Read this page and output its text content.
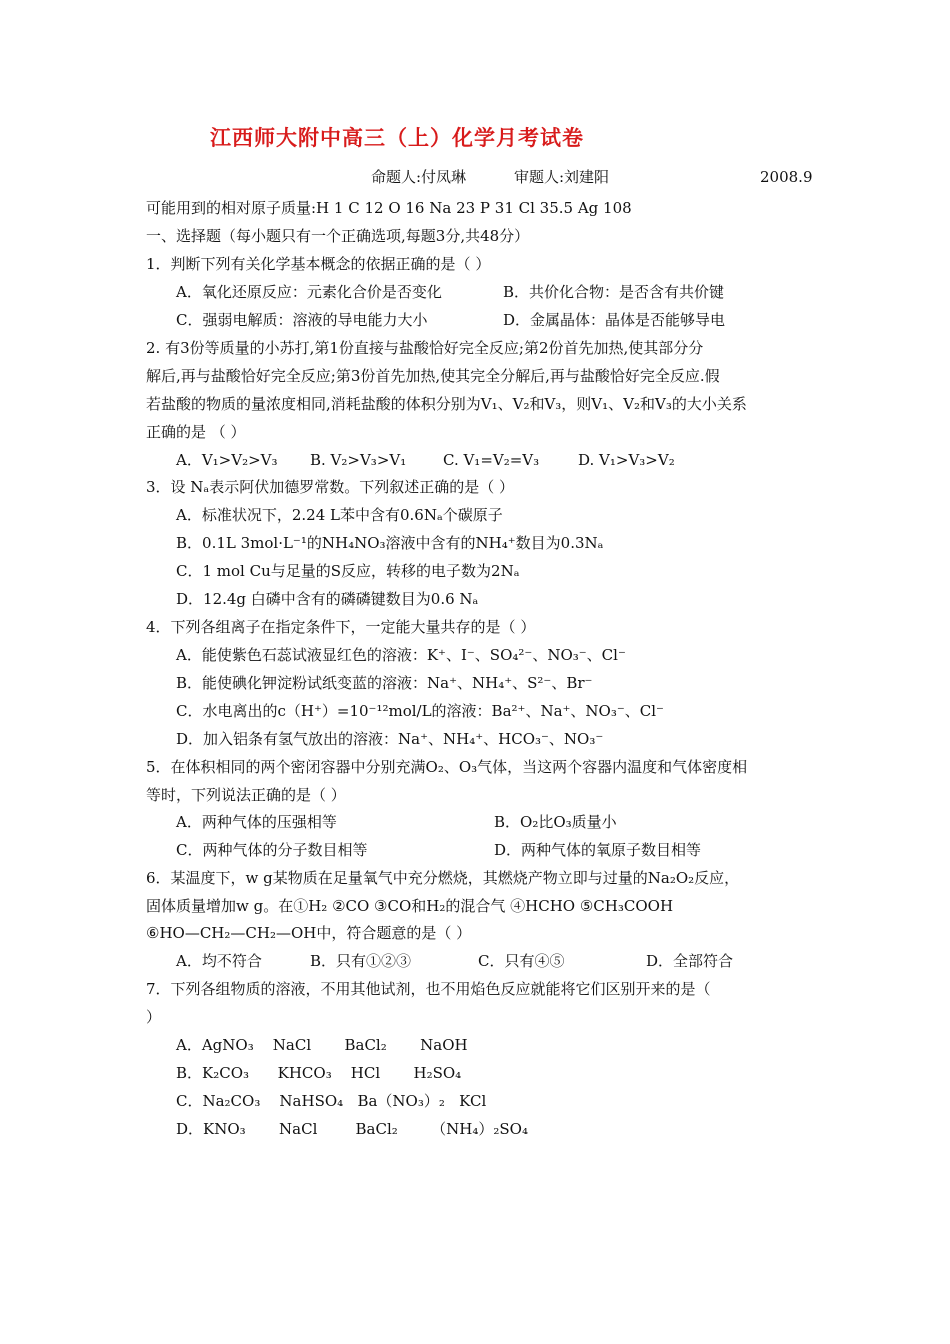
江西师大附中高三（上）化学月考试卷
命题人:付凤琳	审题人:刘建阳	2008.9
可能用到的相对原子质量:H 1 C 12 O 16 Na 23 P 31 Cl 35.5 Ag 108
一、选择题（每小题只有一个正确选项,每题3分,共48分）
1．判断下列有关化学基本概念的依据正确的是（ ）
A．氧化还原反应：元素化合价是否变化	B．共价化合物：是否含有共价键
C．强弱电解质：溶液的导电能力大小	D．金属晶体：晶体是否能够导电
2. 有3份等质量的小苏打,第1份直接与盐酸恰好完全反应;第2份首先加热,使其部分分
解后,再与盐酸恰好完全反应;第3份首先加热,使其完全分解后,再与盐酸恰好完全反应.假
若盐酸的物质的量浓度相同,消耗盐酸的体积分别为V₁、V₂和V₃，则V₁、V₂和V₃的大小关系
正确的是 （ ）
A．V₁>V₂>V₃ B. V₂>V₃>V₁ C. V₁=V₂=V₃	D. V₁>V₃>V₂
3．设 Nₐ表示阿伏加德罗常数。下列叙述正确的是（ ）
A．标准状况下，2.24 L苯中含有0.6Nₐ个碳原子
B．0.1L 3mol·L⁻¹的NH₄NO₃溶液中含有的NH₄⁺数目为0.3Nₐ
C．1 mol Cu与足量的S反应，转移的电子数为2Nₐ
D．12.4g 白磷中含有的磷磷键数目为0.6 Nₐ
4．下列各组离子在指定条件下，一定能大量共存的是（ ）
A．能使紫色石蕊试液显红色的溶液：K⁺、I⁻、SO₄²⁻、NO₃⁻、Cl⁻
B．能使碘化钾淀粉试纸变蓝的溶液：Na⁺、NH₄⁺、S²⁻、Br⁻
C．水电离出的c（H⁺）=10⁻¹²mol/L的溶液：Ba²⁺、Na⁺、NO₃⁻、Cl⁻
D．加入铝条有氢气放出的溶液：Na⁺、NH₄⁺、HCO₃⁻、NO₃⁻
5．在体积相同的两个密闭容器中分别充满O₂、O₃气体，当这两个容器内温度和气体密度相
等时，下列说法正确的是（ ）
A．两种气体的压强相等	B．O₂比O₃质量小
C．两种气体的分子数目相等	D．两种气体的氧原子数目相等
6．某温度下，w g某物质在足量氧气中充分燃烧，其燃烧产物立即与过量的Na₂O₂反应，
固体质量增加w g。在①H₂ ②CO ③CO和H₂的混合气 ④HCHO ⑤CH₃COOH
⑥HO—CH₂—CH₂—OH中，符合题意的是（ ）
A．均不符合	B．只有①②③	C．只有④⑤	D．全部符合
7．下列各组物质的溶液，不用其他试剂，也不用焰色反应就能将它们区别开来的是（
）
A．AgNO₃    NaCl       BaCl₂       NaOH
B．K₂CO₃      KHCO₃    HCl       H₂SO₄
C．Na₂CO₃    NaHSO₄   Ba（NO₃）₂   KCl
D．KNO₃       NaCl        BaCl₂       （NH₄）₂SO₄
